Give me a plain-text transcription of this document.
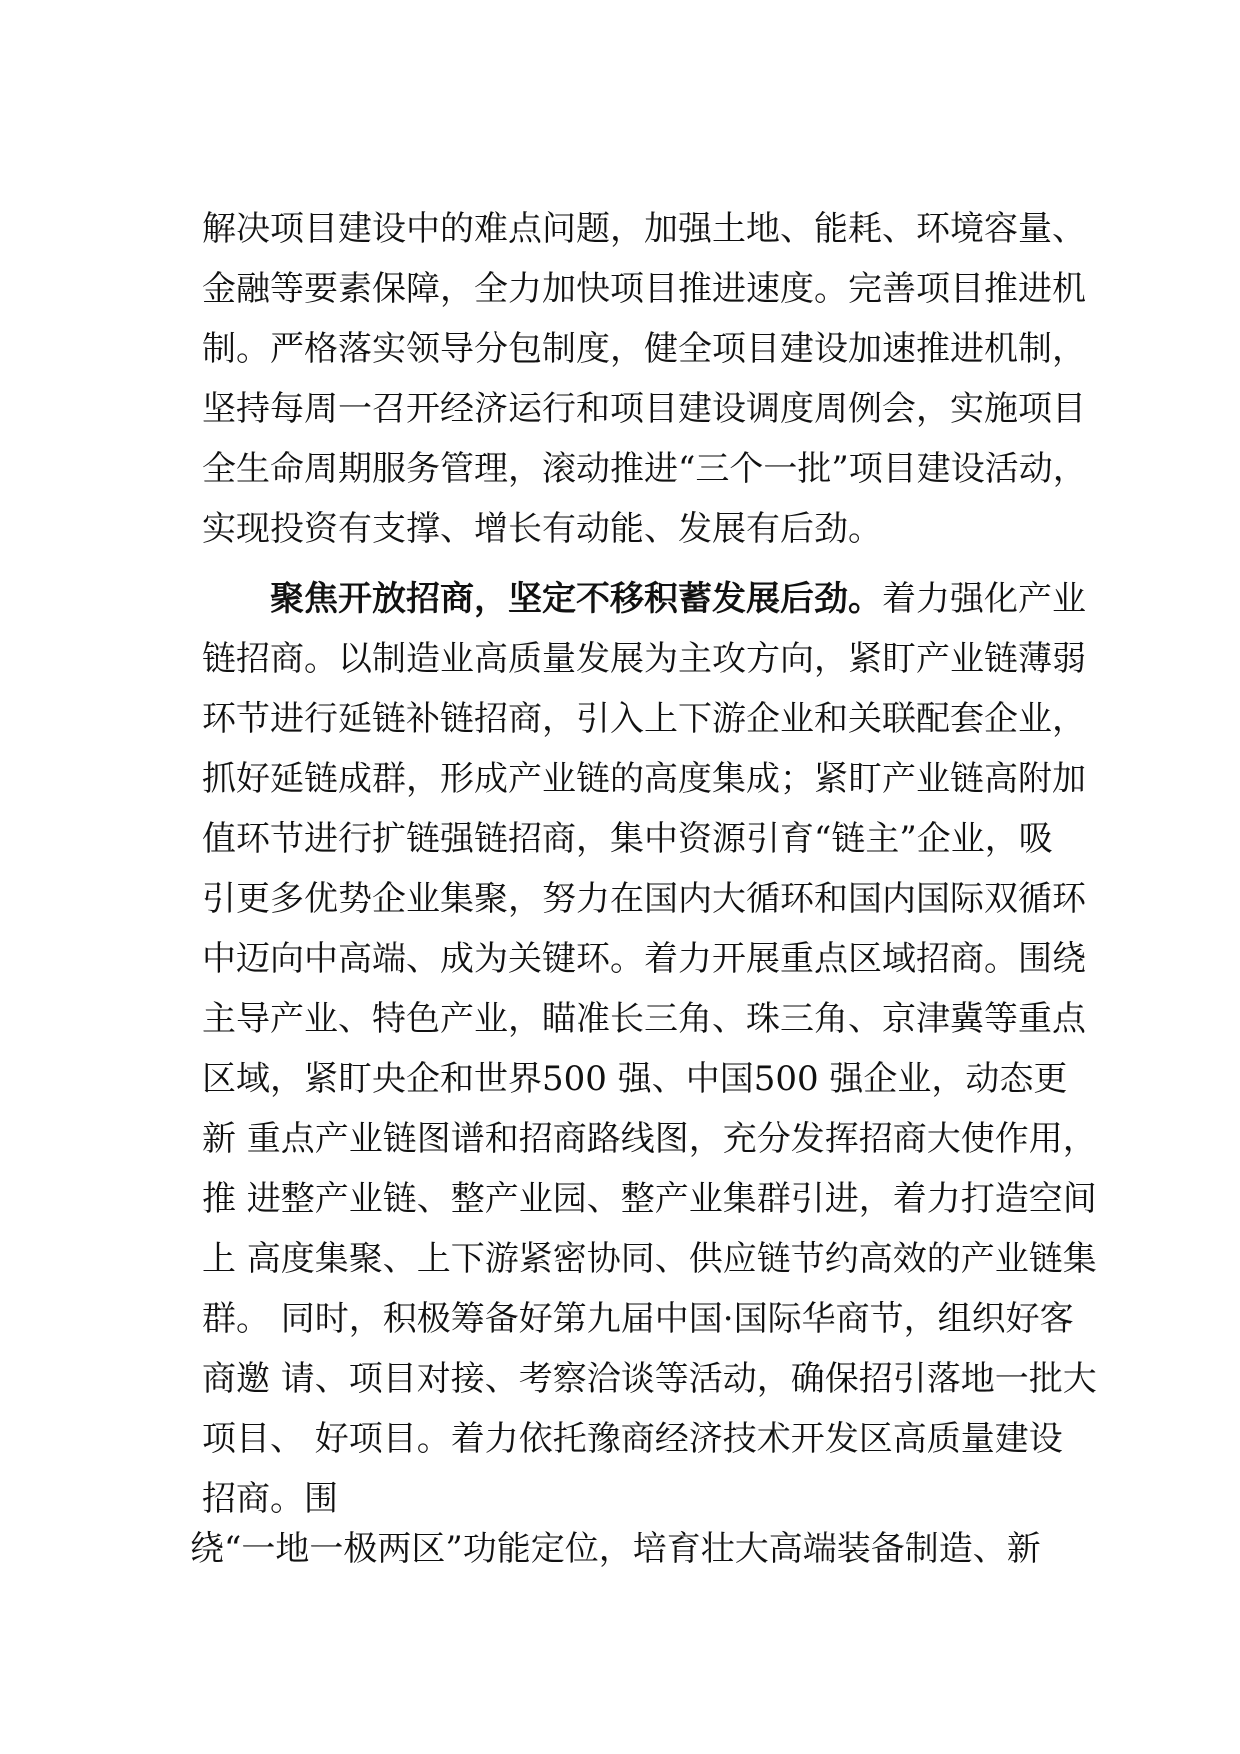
解决项目建设中的难点问题，加强土地、能耗、环境容量、
金融等要素保障，全力加快项目推进速度。完善项目推进机
制。严格落实领导分包制度，健全项目建设加速推进机制，
坚持每周一召开经济运行和项目建设调度周例会，实施项目
全生命周期服务管理，滚动推进“三个一批”项目建设活动，
实现投资有支撑、增长有动能、发展有后劲。
聚焦开放招商，坚定不移积蓄发展后劲。着力强化产业
链招商。以制造业高质量发展为主攻方向，紧盯产业链薄弱
环节进行延链补链招商，引入上下游企业和关联配套企业，
抓好延链成群，形成产业链的高度集成；紧盯产业链高附加
值环节进行扩链强链招商，集中资源引育“链主”企业，吸
引更多优势企业集聚，努力在国内大循环和国内国际双循环
中迈向中高端、成为关键环。着力开展重点区域招商。围绕
主导产业、特色产业，瞄准长三角、珠三角、京津冀等重点
区域，紧盯央企和世界500 强、中国500 强企业，动态更
新 重点产业链图谱和招商路线图，充分发挥招商大使作用，
推 进整产业链、整产业园、整产业集群引进，着力打造空间
上 高度集聚、上下游紧密协同、供应链节约高效的产业链集
群。 同时，积极筹备好第九届中国·国际华商节，组织好客
商邀 请、项目对接、考察洽谈等活动，确保招引落地一批大
项目、 好项目。着力依托豫商经济技术开发区高质量建设
招商。围
绕“一地一极两区”功能定位，培育壮大高端装备制造、新
